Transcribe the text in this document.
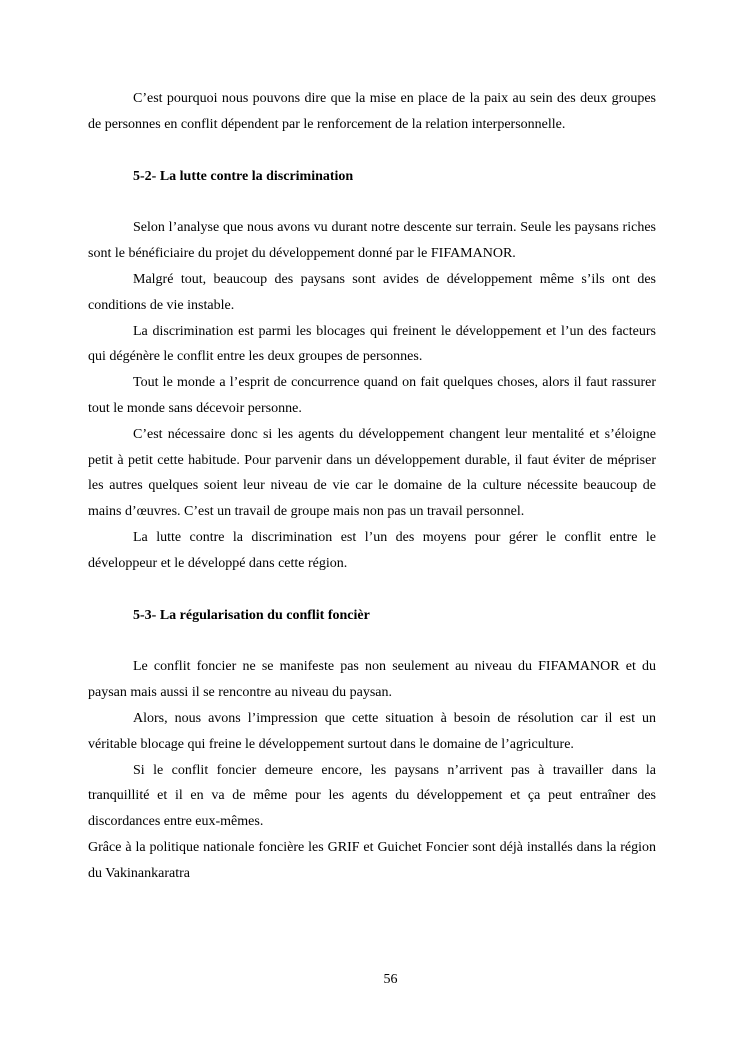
C’est pourquoi nous pouvons dire que la mise en place de la paix au sein des deux groupes de personnes en conflit dépendent par le renforcement de la relation interpersonnelle.

5-2- La lutte contre la discrimination

Selon l’analyse que nous avons vu durant notre descente sur terrain. Seule les paysans riches sont le bénéficiaire du projet du développement donné par le FIFAMANOR.

Malgré tout, beaucoup des paysans sont avides de développement même s’ils ont des conditions de vie instable.

La discrimination est parmi les blocages qui freinent le développement et l’un des facteurs qui dégénère le conflit entre les deux groupes de personnes.

Tout le monde a l’esprit de concurrence quand on fait quelques choses, alors il faut rassurer tout le monde sans décevoir personne.

C’est nécessaire donc si les agents du développement changent leur mentalité et s’éloigne petit à petit cette habitude. Pour parvenir dans un développement durable, il faut éviter de mépriser les autres quelques soient leur niveau de vie car le domaine de la culture nécessite beaucoup de mains d’œuvres. C’est un travail de groupe mais non pas un travail personnel.

La lutte contre la discrimination est l’un des moyens pour gérer le conflit entre le développeur et le développé dans cette région.

5-3- La régularisation du conflit foncièr

Le conflit foncier ne se manifeste pas non seulement au niveau du FIFAMANOR et du paysan mais aussi il se rencontre au niveau du paysan.

Alors, nous avons l’impression que cette situation à besoin de résolution car il est un véritable blocage qui freine le développement surtout dans le domaine de l’agriculture.

Si le conflit foncier demeure encore, les paysans n’arrivent pas à travailler dans la tranquillité et il en va de même pour les agents du développement et ça peut entraîner des discordances entre eux-mêmes.

Grâce à la politique nationale foncière les GRIF et Guichet Foncier sont déjà installés dans la région du Vakinankaratra

56
